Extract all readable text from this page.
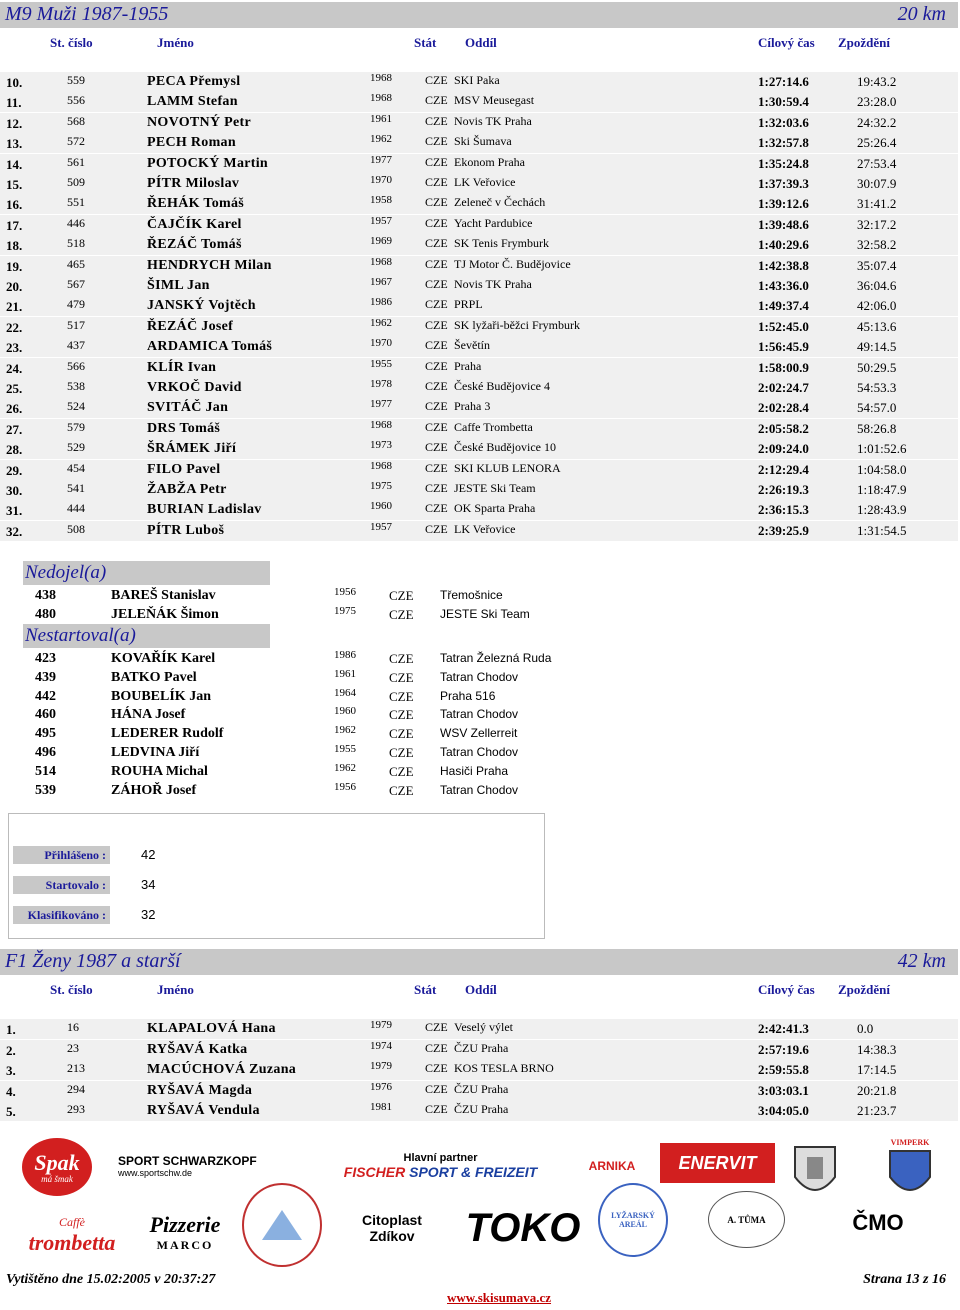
M9 Muži 1987-1955	20 km
St. číslo	Jméno	Stát Oddíl	Cílový čas Zpoždění
10.	559	PECA Přemysl	1968	CZE SKI Paka	1:27:14.6	19:43.2
11.	556	LAMM Stefan	1968	CZE MSV Meusegast	1:30:59.4	23:28.0
12.	568	NOVOTNÝ Petr	1961	CZE Novis TK Praha	1:32:03.6	24:32.2
13.	572	PECH Roman	1962	CZE Ski Šumava	1:32:57.8	25:26.4
14.	561	POTOCKÝ Martin	1977	CZE Ekonom Praha	1:35:24.8	27:53.4
15.	509	PÍTR Miloslav	1970	CZE LK Veřovice	1:37:39.3	30:07.9
16.	551	ŘEHÁK Tomáš	1958	CZE Zeleneč v Čechách	1:39:12.6	31:41.2
17.	446	ČAJČÍK Karel	1957	CZE Yacht Pardubice	1:39:48.6	32:17.2
18.	518	ŘEZÁČ Tomáš	1969	CZE SK Tenis Frymburk	1:40:29.6	32:58.2
19.	465	HENDRYCH Milan	1968	CZE TJ Motor Č. Budějovice	1:42:38.8	35:07.4
20.	567	ŠIML Jan	1967	CZE Novis TK Praha	1:43:36.0	36:04.6
21.	479	JANSKÝ Vojtěch	1986	CZE PRPL	1:49:37.4	42:06.0
22.	517	ŘEZÁČ Josef	1962	CZE SK lyžaři-běžci Frymburk	1:52:45.0	45:13.6
23.	437	ARDAMICA Tomáš	1970	CZE Ševětín	1:56:45.9	49:14.5
24.	566	KLÍR Ivan	1955	CZE Praha	1:58:00.9	50:29.5
25.	538	VRKOČ David	1978	CZE České Budějovice 4	2:02:24.7	54:53.3
26.	524	SVITÁČ Jan	1977	CZE Praha 3	2:02:28.4	54:57.0
27.	579	DRS Tomáš	1968	CZE Caffe Trombetta	2:05:58.2	58:26.8
28.	529	ŠRÁMEK Jiří	1973	CZE České Budějovice 10	2:09:24.0	1:01:52.6
29.	454	FILO Pavel	1968	CZE SKI KLUB LENORA	2:12:29.4	1:04:58.0
30.	541	ŽABŽA Petr	1975	CZE JESTE Ski Team	2:26:19.3	1:18:47.9
31.	444	BURIAN Ladislav	1960	CZE OK Sparta Praha	2:36:15.3	1:28:43.9
32.	508	PÍTR Luboš	1957	CZE LK Veřovice	2:39:25.9	1:31:54.5
Nedojel(a)
438	BAREŠ Stanislav	1956	CZE Třemošnice
480	JELEŇÁK Šimon	1975	CZE JESTE Ski Team
Nestartoval(a)
423	KOVAŘÍK Karel	1986	CZE Tatran Železná Ruda
439	BATKO Pavel	1961	CZE Tatran Chodov
442	BOUBELÍK Jan	1964	CZE Praha 516
460	HÁNA Josef	1960	CZE Tatran Chodov
495	LEDERER Rudolf	1962	CZE WSV Zellerreit
496	LEDVINA Jiří	1955	CZE Tatran Chodov
514	ROUHA Michal	1962	CZE Hasiči Praha
539	ZÁHOŘ Josef	1956	CZE Tatran Chodov
Přihlášeno :	42
Startovalo :	34
Klasifikováno :	32
F1 Ženy 1987 a starší	42 km
St. číslo	Jméno	Stát Oddíl	Cílový čas Zpoždění
1.	16	KLAPALOVÁ Hana	1979	CZE Veselý výlet	2:42:41.3	0.0
2.	23	RYŠAVÁ Katka	1974	CZE ČZU Praha	2:57:19.6	14:38.3
3.	213	MACÚCHOVÁ Zuzana	1979	CZE KOS TESLA BRNO	2:59:55.8	17:14.5
4.	294	RYŠAVÁ Magda	1976	CZE ČZU Praha	3:03:03.1	20:21.8
5.	293	RYŠAVÁ Vendula	1981	CZE ČZU Praha	3:04:05.0	21:23.7
Spak
má šmak
SPORT SCHWARZKOPF
www.sportschw.de
Hlavní partner
FISCHER SPORT & FREIZEIT	ARNIKA ENERVIT
VIMPERK
Caffè
trombetta
Pizzerie
MARCO
Citoplast
Zdíkov TOKO	LYŽARSKÝ AREÁL	A. TŮMA	ČMO
Vytištěno dne 15.02:2005 v 20:37:27	Strana 13 z 16
www.skisumava.cz
